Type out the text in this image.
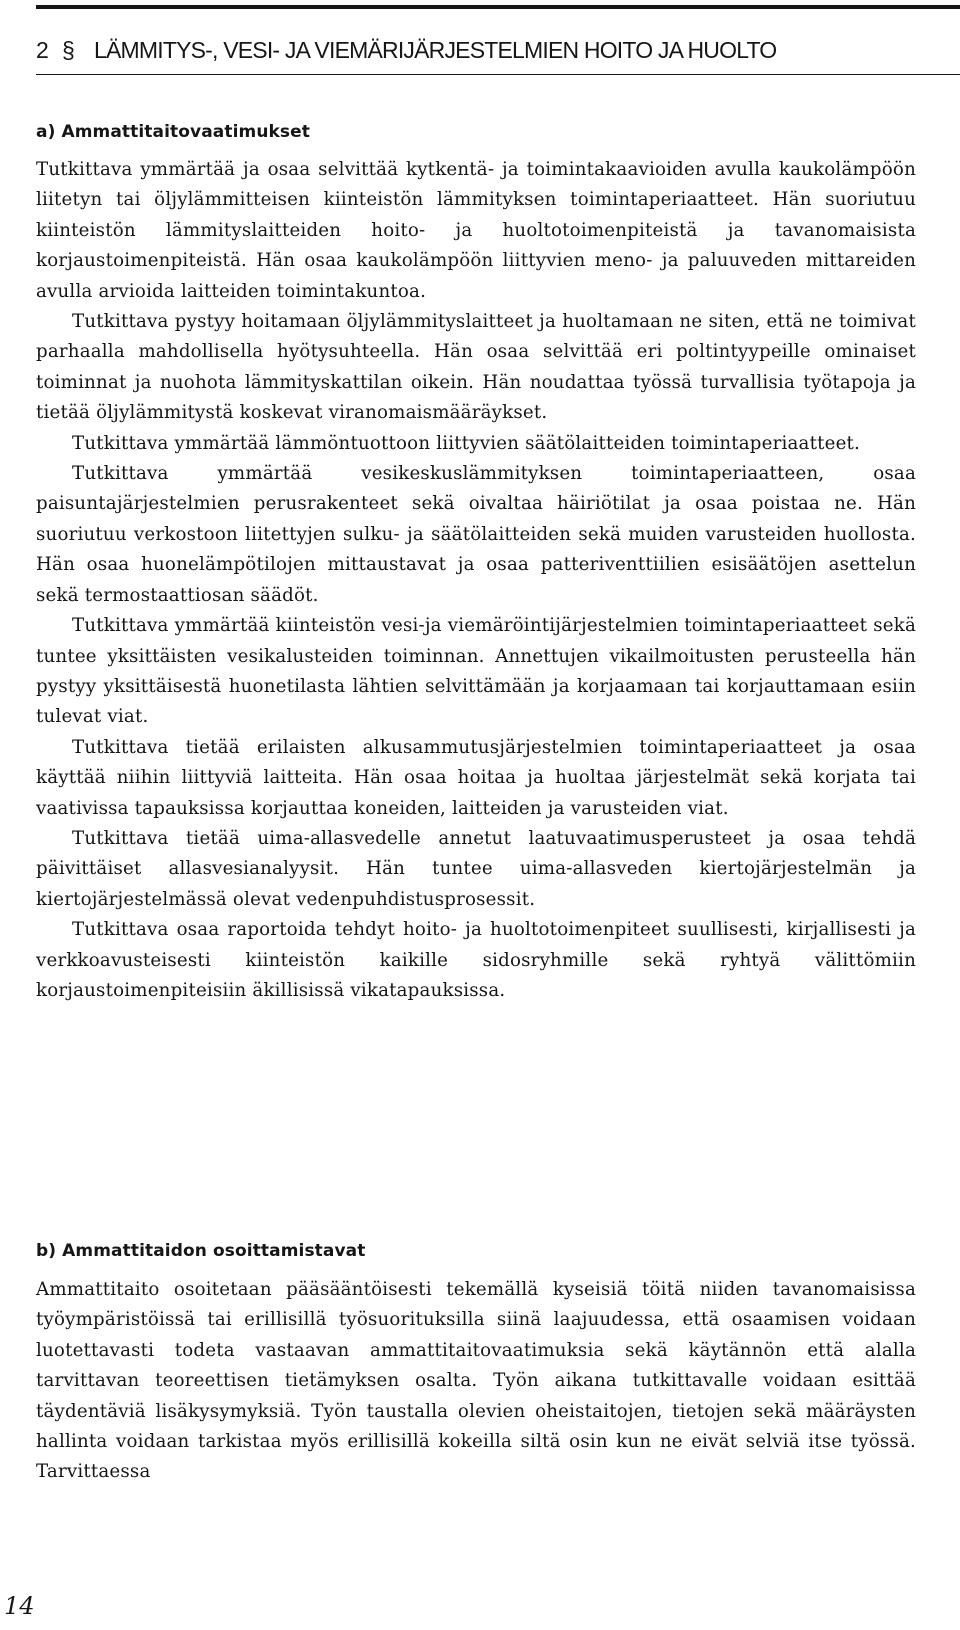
2 § LÄMMITYS-, VESI- JA VIEMÄRIJÄRJESTELMIEN HOITO JA HUOLTO
a) Ammattitaitovaatimukset

Tutkittava ymmärtää ja osaa selvittää kytkentä- ja toimintakaavioiden avulla kaukolämpöön liitetyn tai öljylämmitteisen kiinteistön lämmityksen toimintaperiaatteet. Hän suoriutuu kiinteistön lämmityslaitteiden hoito- ja huoltotoimenpiteistä ja tavanomaisista korjaustoimenpiteistä. Hän osaa kaukolämpöön liittyvien meno- ja paluuveden mittareiden avulla arvioida laitteiden toimintakuntoa.

Tutkittava pystyy hoitamaan öljylämmityslaitteet ja huoltamaan ne siten, että ne toimivat parhaalla mahdollisella hyötysuhteella. Hän osaa selvittää eri poltintyypeille ominaiset toiminnat ja nuohota lämmityskattilan oikein. Hän noudattaa työssä turvallisia työtapoja ja tietää öljylämmitystä koskevat viranomaismääräykset.

Tutkittava ymmärtää lämmöntuottoon liittyvien säätölaitteiden toimintaperiaatteet.

Tutkittava ymmärtää vesikeskuslämmityksen toimintaperiaatteen, osaa paisuntajärjestelmien perusrakenteet sekä oivaltaa häiriötilat ja osaa poistaa ne. Hän suoriutuu verkostoon liitettyjen sulku- ja säätölaitteiden sekä muiden varusteiden huollosta. Hän osaa huonelämpötilojen mittaustavat ja osaa patteriventtiilien esisäätöjen asettelun sekä termostaattiosan säädöt.

Tutkittava ymmärtää kiinteistön vesi-ja viemäröintijärjestelmien toimintaperiaatteet sekä tuntee yksittäisten vesikalusteiden toiminnan. Annettujen vikailmoitusten perusteella hän pystyy yksittäisestä huonetilasta lähtien selvittämään ja korjaamaan tai korjauttamaan esiin tulevat viat.

Tutkittava tietää erilaisten alkusammutusjärjestelmien toimintaperiaatteet ja osaa käyttää niihin liittyviä laitteita. Hän osaa hoitaa ja huoltaa järjestelmät sekä korjata tai vaativissa tapauksissa korjauttaa koneiden, laitteiden ja varusteiden viat.

Tutkittava tietää uima-allasvedelle annetut laatuvaatimusperusteet ja osaa tehdä päivittäiset allasvesianalyysit. Hän tuntee uima-allasveden kiertojärjestelmän ja kiertojärjestelmässä olevat vedenpuhdistusprosessit.

Tutkittava osaa raportoida tehdyt hoito- ja huoltotoimenpiteet suullisesti, kirjallisesti ja verkkoavusteisesti kiinteistön kaikille sidosryhmille sekä ryhtyä välittömiin korjaustoimenpiteisiin äkillisissä vikatapauksissa.

b) Ammattitaidon osoittamistavat

Ammattitaito osoitetaan pääsääntöisesti tekemällä kyseisiä töitä niiden tavanomaisissa työympäristöissä tai erillisillä työsuorituksilla siinä laajuudessa, että osaamisen voidaan luotettavasti todeta vastaavan ammattitaitovaatimuksia sekä käytännön että alalla tarvittavan teoreettisen tietämyksen osalta. Työn aikana tutkittavalle voidaan esittää täydentäviä lisäkysymyksiä. Työn taustalla olevien oheistaitojen, tietojen sekä määräysten hallinta voidaan tarkistaa myös erillisillä kokeilla siltä osin kun ne eivät selviä itse työssä. Tarvittaessa

14
